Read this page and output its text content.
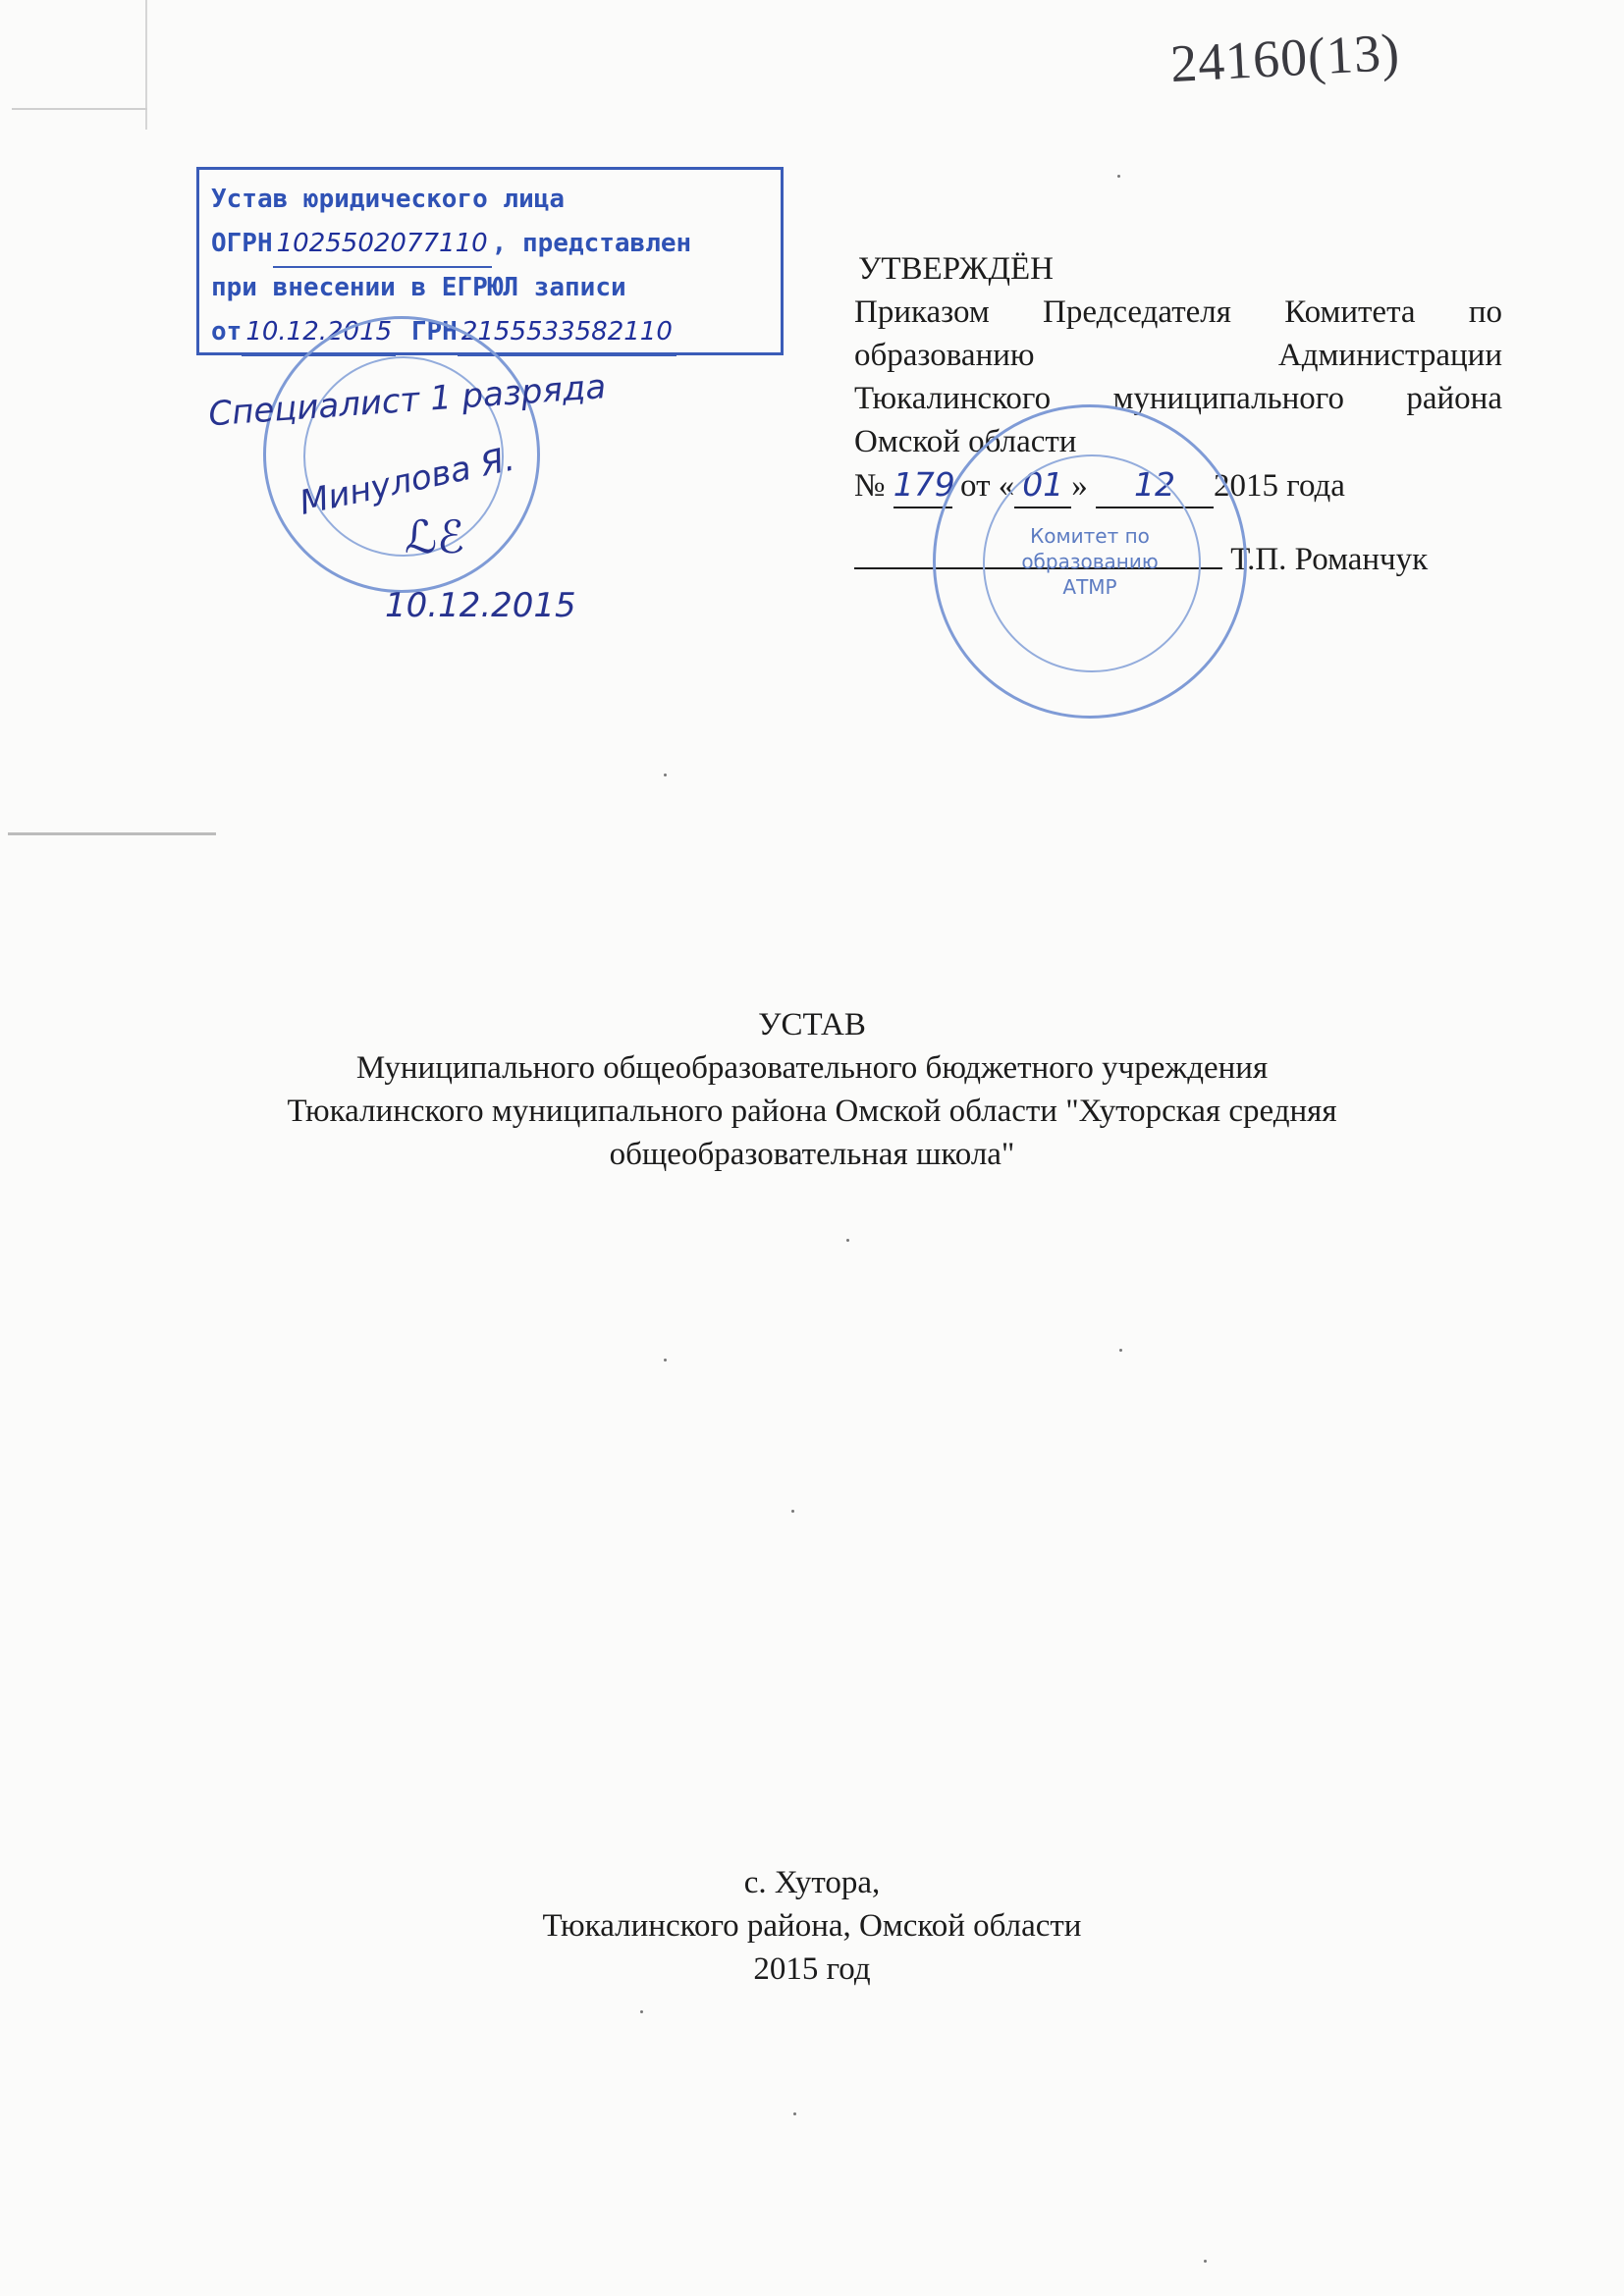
24160(13)
Устав юридического лица
ОГРН 1025502077110 , представлен
при внесении в ЕГРЮЛ записи
от 10.12.2015 ГРН 2155533582110
Специалист 1 разряда
Минулова Я.
ℒℰ
10.12.2015
УТВЕРЖДЁН
Приказом Председателя Комитета по
образованию	Администрации
Тюкалинского муниципального района
Омской области
№ 179 от « 01 » 12 2015 года
Т.П. Романчук
Комитет по
образованию
АТМР
УСТАВ
Муниципального общеобразовательного бюджетного учреждения
Тюкалинского муниципального района Омской области "Хуторская средняя
общеобразовательная школа"
с. Хутора,
Тюкалинского района, Омской области
2015 год
